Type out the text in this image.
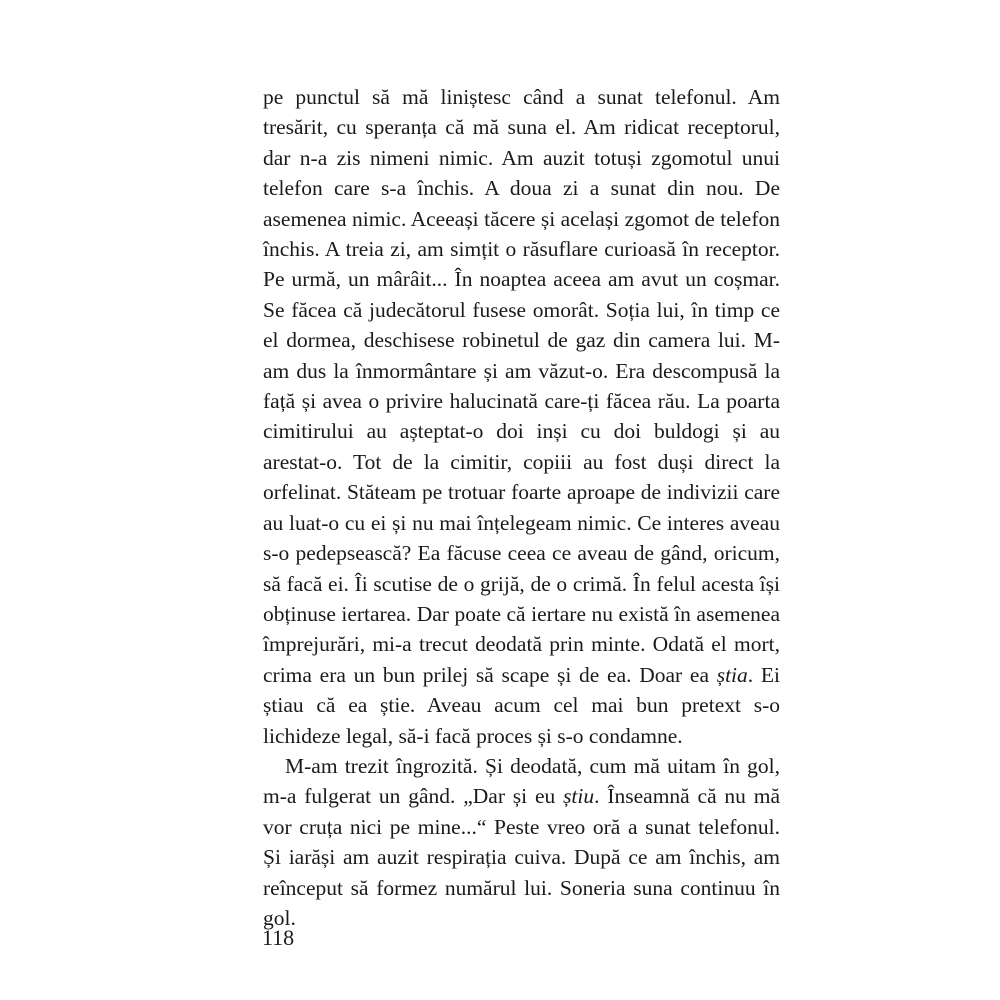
pe punctul să mă liniștesc când a sunat telefonul. Am tresărit, cu speranța că mă suna el. Am ridicat receptorul, dar n-a zis nimeni nimic. Am auzit totuși zgomotul unui telefon care s-a închis. A doua zi a sunat din nou. De asemenea nimic. Aceeași tăcere și același zgomot de telefon închis. A treia zi, am simțit o răsuflare curioasă în receptor. Pe urmă, un mârâit... În noaptea aceea am avut un coșmar. Se făcea că judecătorul fusese omorât. Soția lui, în timp ce el dormea, deschisese robinetul de gaz din camera lui. M-am dus la înmormântare și am văzut-o. Era descompusă la față și avea o privire halucinată care-ți făcea rău. La poarta cimitirului au așteptat-o doi inși cu doi buldogi și au arestat-o. Tot de la cimitir, copiii au fost duși direct la orfelinat. Stăteam pe trotuar foarte aproape de indivizii care au luat-o cu ei și nu mai înțelegeam nimic. Ce interes aveau s-o pedepsească? Ea făcuse ceea ce aveau de gând, oricum, să facă ei. Îi scutise de o grijă, de o crimă. În felul acesta își obținuse iertarea. Dar poate că iertare nu există în asemenea împrejurări, mi-a trecut deodată prin minte. Odată el mort, crima era un bun prilej să scape și de ea. Doar ea știa. Ei știau că ea știe. Aveau acum cel mai bun pretext s-o lichideze legal, să-i facă proces și s-o condamne.

M-am trezit îngrozită. Și deodată, cum mă uitam în gol, m-a fulgerat un gând. „Dar și eu știu. Înseamnă că nu mă vor cruța nici pe mine...“ Peste vreo oră a sunat telefonul. Și iarăși am auzit respirația cuiva. După ce am închis, am reînceput să formez numărul lui. Soneria suna continuu în gol.

118
